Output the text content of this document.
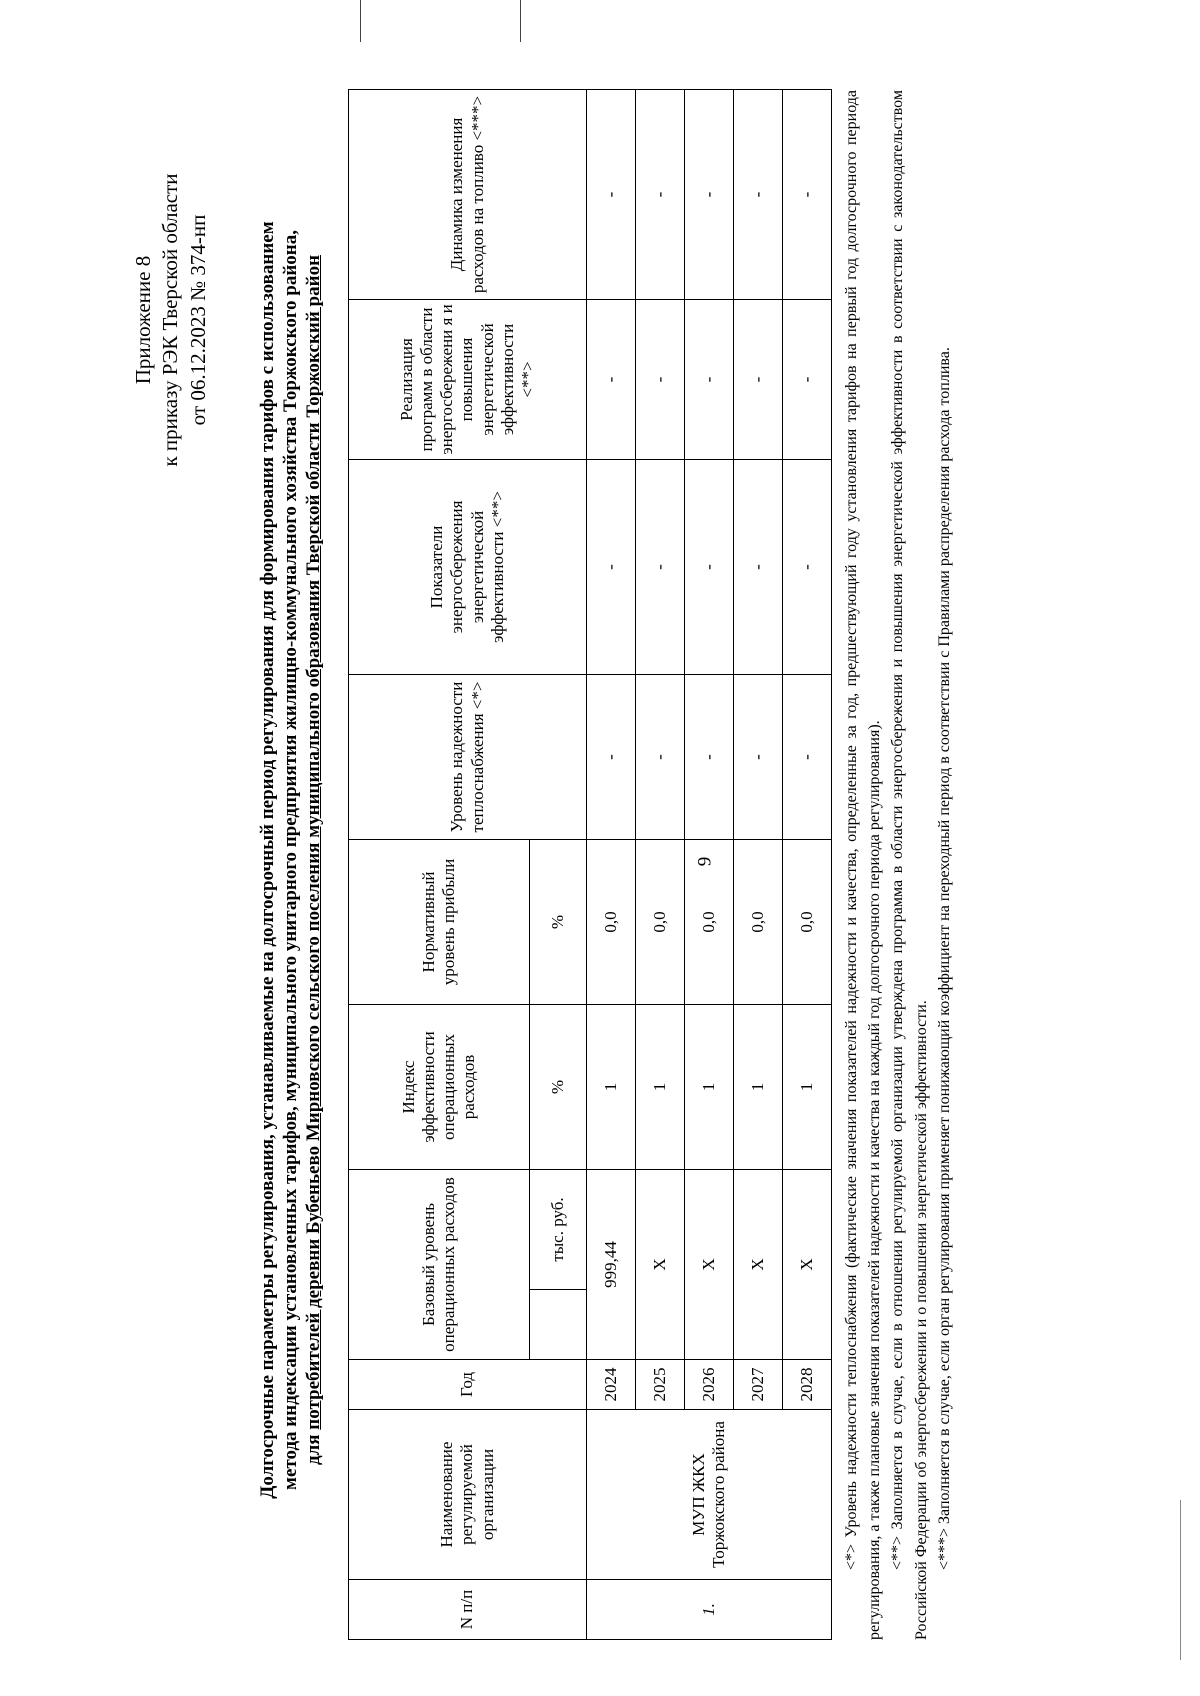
9
Приложение 8 к приказу РЭК Тверской области от 06.12.2023 № 374-нп Долгосрочные параметры регулирования, устанавливаемые на долгосрочный период регулирования для формирования тарифов с использованием метода индексации установленных тарифов, муниципального унитарного предприятия жилищно-коммунального хозяйства Торжокского района, для потребителей деревни Бубеньево Мирновского сельского поселения муниципального образования Тверской области Торжокский район
N п/п	Наименование регулируемой организации	Год	Базовый уровень операционных расходов		Индекс эффективности операционных расходов	Нормативный уровень прибыли	Уровень надежности теплоснабжения <*>	Показатели энергосбережения энергетической эффективности <**>	Реализация программ в области энергосбережени я и повышения энергетической эффективности <**>	Динамика изменения расходов на топливо <***>
				тыс. руб.	%	%				
1.	МУП ЖКХ Торжокского района	2024	999,44		1	0,0	-	-	-	-
		2025	Х		1	0,0	-	-	-	-
		2026	Х		1	0,0	-	-	-	-
		2027	Х		1	0,0	-	-	-	-
		2028	Х		1	0,0	-	-	-	- <*> Уровень надежности теплоснабжения (фактические значения показателей надежности и качества, определенные за год, предшествующий году установления тарифов на первый год долгосрочного периода регулирования, а также плановые значения показателей надежности и качества на каждый год долгосрочного периода регулирования). <**> Заполняется в случае, если в отношении регулируемой организации утверждена программа в области энергосбережения и повышения энергетической эффективности в соответствии с законодательством Российской Федерации об энергосбережении и о повышении энергетической эффективности. <***> Заполняется в случае, если орган регулирования применяет понижающий коэффициент на переходный период в соответствии с Правилами распределения расхода топлива.
